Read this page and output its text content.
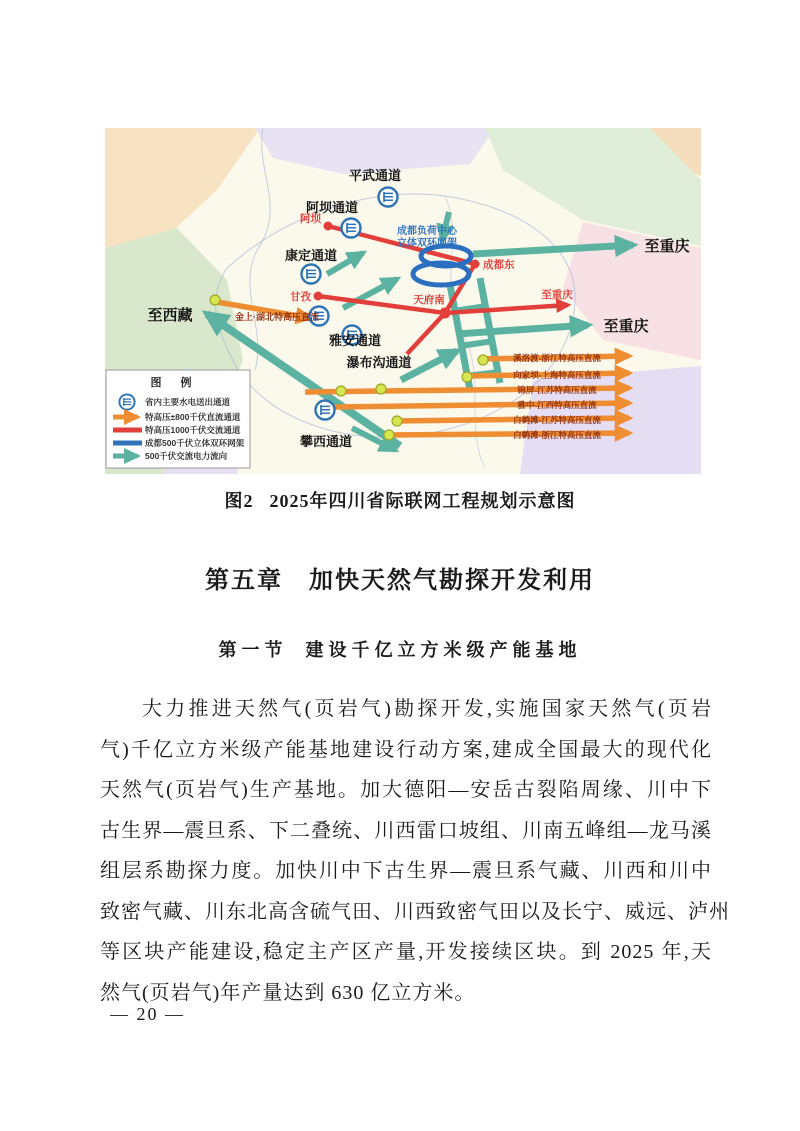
平武通道
阿坝通道
康定通道
雅安通道
瀑布沟通道
攀西通道
至西藏
至重庆
至重庆
至重庆
阿坝
甘孜
成都东
天府南
成都负荷中心
立体双环网架
金上·湖北特高压直流
溪洛渡-浙江特高压直流
向家坝-上海特高压直流
锦屏-江苏特高压直流
雅中-江西特高压直流
白鹤滩-江苏特高压直流
白鹤滩-浙江特高压直流
图　例
省内主要水电送出通道
特高压±800千伏直流通道
特高压1000千伏交流通道
成都500千伏立体双环网架
500千伏交流电力流向
图2 2025年四川省际联网工程规划示意图
第五章 加快天然气勘探开发利用
第一节 建设千亿立方米级产能基地
大力推进天然气(页岩气)勘探开发,实施国家天然气(页岩
气)千亿立方米级产能基地建设行动方案,建成全国最大的现代化
天然气(页岩气)生产基地。加大德阳—安岳古裂陷周缘、川中下
古生界—震旦系、下二叠统、川西雷口坡组、川南五峰组—龙马溪
组层系勘探力度。加快川中下古生界—震旦系气藏、川西和川中
致密气藏、川东北高含硫气田、川西致密气田以及长宁、威远、泸州
等区块产能建设,稳定主产区产量,开发接续区块。到 2025 年,天
然气(页岩气)年产量达到 630 亿立方米。
— 20 —
